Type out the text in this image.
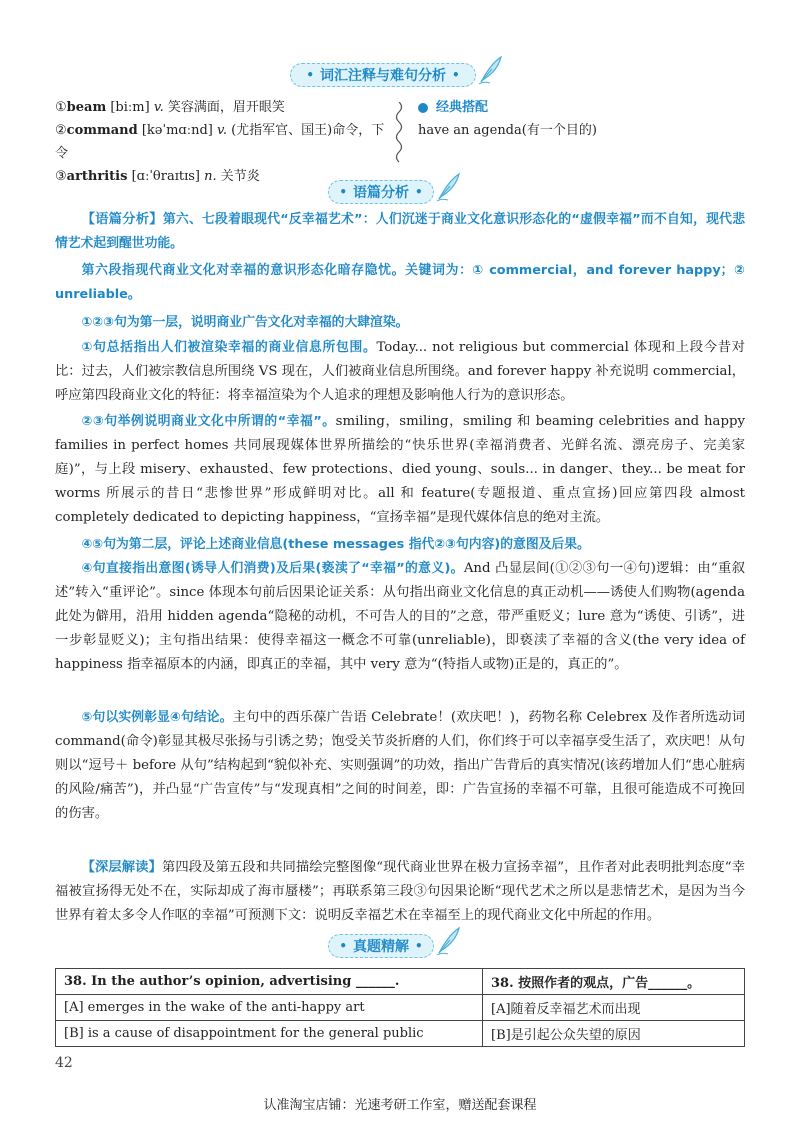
• 词汇注释与难句分析 •
①beam [biːm] v. 笑容满面，眉开眼笑
②command [kəˈmɑːnd] v. (尤指军官、国王)命令，下令
③arthritis [ɑːˈθraɪtɪs] n. 关节炎
经典搭配
have an agenda(有一个目的)
• 语篇分析 •
【语篇分析】第六、七段着眼现代“反幸福艺术”：人们沉迷于商业文化意识形态化的“虚假幸福”而不自知，现代悲情艺术起到醒世功能。
第六段指现代商业文化对幸福的意识形态化暗存隐忧。关键词为：① commercial，and forever happy；② unreliable。
①②③句为第一层，说明商业广告文化对幸福的大肆渲染。
①句总括指出人们被渲染幸福的商业信息所包围。Today... not religious but commercial 体现和上段今昔对比：过去，人们被宗教信息所围绕 VS 现在，人们被商业信息所围绕。and forever happy 补充说明 commercial，呼应第四段商业文化的特征：将幸福渲染为个人追求的理想及影响他人行为的意识形态。
②③句举例说明商业文化中所谓的“幸福”。smiling，smiling，smiling 和 beaming celebrities and happy families in perfect homes 共同展现媒体世界所描绘的“快乐世界(幸福消费者、光鲜名流、漂亮房子、完美家庭)”，与上段 misery、exhausted、few protections、died young、souls... in danger、they... be meat for worms 所展示的昔日“悲惨世界”形成鲜明对比。all 和 feature(专题报道、重点宣扬)回应第四段 almost completely dedicated to depicting happiness，“宣扬幸福”是现代媒体信息的绝对主流。
④⑤句为第二层，评论上述商业信息(these messages 指代②③句内容)的意图及后果。
④句直接指出意图(诱导人们消费)及后果(亵渎了“幸福”的意义)。And 凸显层间(①②③句一④句)逻辑：由“重叙述”转入“重评论”。since 体现本句前后因果论证关系：从句指出商业文化信息的真正动机——诱使人们购物(agenda 此处为僻用，沿用 hidden agenda“隐秘的动机，不可告人的目的”之意，带严重贬义；lure 意为“诱使、引诱”，进一步彰显贬义)；主句指出结果：使得幸福这一概念不可靠(unreliable)，即亵渎了幸福的含义(the very idea of happiness 指幸福原本的内涵，即真正的幸福，其中 very 意为“(特指人或物)正是的，真正的”。
⑤句以实例彰显④句结论。主句中的西乐葆广告语 Celebrate！(欢庆吧！)，药物名称 Celebrex 及作者所选动词 command(命令)彰显其极尽张扬与引诱之势；饱受关节炎折磨的人们，你们终于可以幸福享受生活了，欢庆吧！从句则以“逗号＋ before 从句”结构起到“貌似补充、实则强调”的功效，指出广告背后的真实情况(该药增加人们“患心脏病的风险/痛苦”)，并凸显“广告宣传”与“发现真相”之间的时间差，即：广告宣扬的幸福不可靠，且很可能造成不可挽回的伤害。
【深层解读】第四段及第五段和共同描绘完整图像“现代商业世界在极力宣扬幸福”，且作者对此表明批判态度“幸福被宣扬得无处不在，实际却成了海市蜃楼”；再联系第三段③句因果论断“现代艺术之所以是悲情艺术，是因为当今世界有着太多令人作呕的幸福”可预测下文：说明反幸福艺术在幸福至上的现代商业文化中所起的作用。
• 真题精解 •
38. In the author’s opinion, advertising ______.	38. 按照作者的观点，广告______。
[A] emerges in the wake of the anti-happy art	[A]随着反幸福艺术而出现
[B] is a cause of disappointment for the general public	[B]是引起公众失望的原因
42
认准淘宝店铺：光速考研工作室，赠送配套课程
